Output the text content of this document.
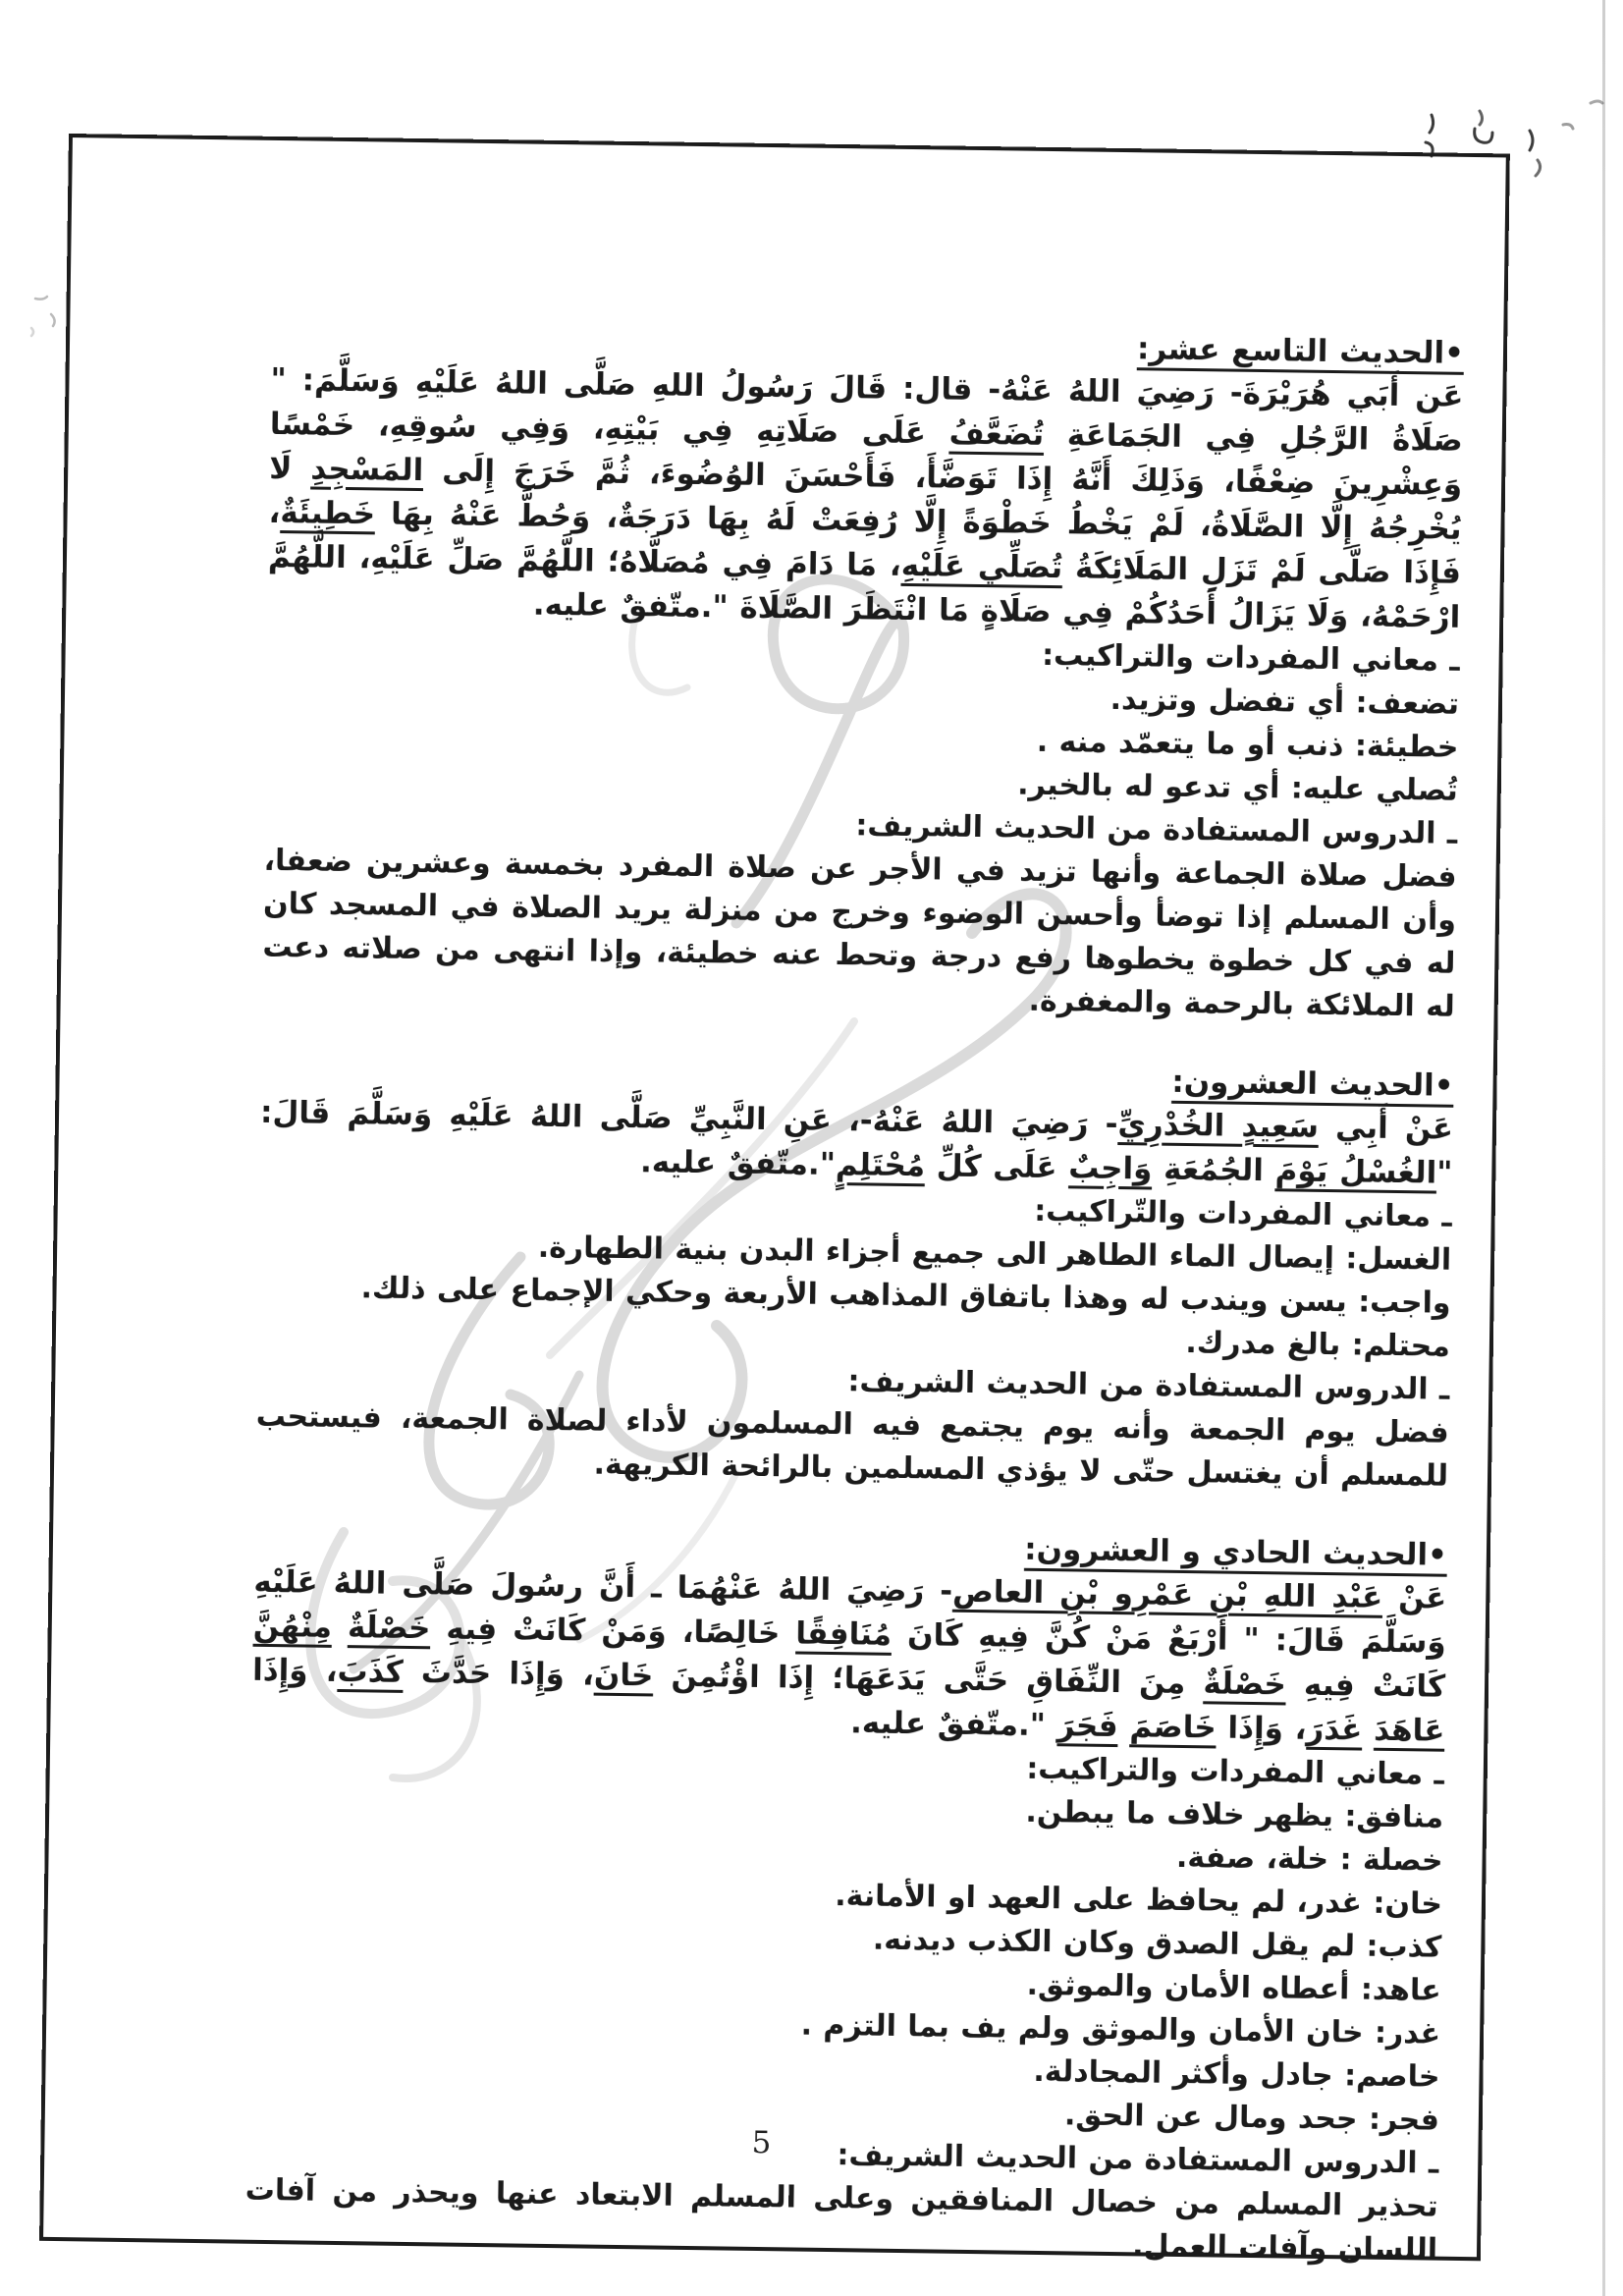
•الحديث التاسع عشر:

عَن أَبَي هُرَيْرَةَ- رَضِيَ اللهُ عَنْهُ- قال: قَالَ رَسُولُ اللهِ صَلَّى اللهُ عَلَيْهِ وَسَلَّمَ: " صَلَاةُ الرَّجُلِ فِي الجَمَاعَةِ تُضَعَّفُ عَلَى صَلَاتِهِ فِي بَيْتِهِ، وَفِي سُوقِهِ، خَمْسًا وَعِشْرِينَ ضِعْفًا، وَذَلِكَ أَنَّهُ إِذَا تَوَضَّأَ، فَأَحْسَنَ الوُضُوءَ، ثُمَّ خَرَجَ إِلَى المَسْجِدِ لَا يُخْرِجُهُ إِلَّا الصَّلَاةُ، لَمْ يَخْطُ خَطْوَةً إِلَّا رُفِعَتْ لَهُ بِهَا دَرَجَةٌ، وَحُطَّ عَنْهُ بِهَا خَطِيئَةٌ، فَإِذَا صَلَّى لَمْ تَزَلِ المَلَائِكَةُ تُصَلِّي عَلَيْهِ، مَا دَامَ فِي مُصَلَّاهُ؛ اللَّهُمَّ صَلِّ عَلَيْهِ، اللَّهُمَّ ارْحَمْهُ، وَلَا يَزَالُ أَحَدُكُمْ فِي صَلَاةٍ مَا انْتَظَرَ الصَّلَاةَ ".متّفقٌ عليه.

ـ معاني المفردات والتراكيب:

تضعف: أي تفضل وتزيد.
خطيئة: ذنب أو ما يتعمّد منه .
تُصلي عليه: أي تدعو له بالخير.

ـ الدروس المستفادة من الحديث الشريف:

فضل صلاة الجماعة وأنها تزيد في الأجر عن صلاة المفرد بخمسة وعشرين ضعفا، وأن المسلم إذا توضأ وأحسن الوضوء وخرج من منزلة يريد الصلاة في المسجد كان له في كل خطوة يخطوها رفع درجة وتحط عنه خطيئة، وإذا انتهى من صلاته دعت له الملائكة بالرحمة والمغفرة.

•الحديث العشرون:

عَنْ أَبِي سَعِيدٍ الخُدْرِيِّ- رَضِيَ اللهُ عَنْهُ-، عَنِ النَّبِيِّ صَلَّى اللهُ عَلَيْهِ وَسَلَّمَ قَالَ: "الغُسْلُ يَوْمَ الجُمُعَةِ وَاجِبٌ عَلَى كُلِّ مُحْتَلِمٍ".متّفقٌ عليه.

ـ معاني المفردات والتّراكيب:

الغسل: إيصال الماء الطاهر الى جميع أجزاء البدن بنية الطهارة.
واجب: يسن ويندب له وهذا باتفاق المذاهب الأربعة وحكي الإجماع على ذلك.
محتلم: بالغ مدرك.

ـ الدروس المستفادة من الحديث الشريف:

فضل يوم الجمعة وأنه يوم يجتمع فيه المسلمون لأداء لصلاة الجمعة، فيستحب للمسلم أن يغتسل حتّى لا يؤذي المسلمين بالرائحة الكريهة.

•الحديث الحادي و العشرون:

عَنْ عَبْدِ اللهِ بْنِ عَمْرِو بْنِ العاص- رَضِيَ اللهُ عَنْهُمَا ـ أَنَّ رسُولَ صَلَّى اللهُ عَلَيْهِ وَسَلَّمَ قَالَ: " أَرْبَعٌ مَنْ كُنَّ فِيهِ كَانَ مُنَافِقًا خَالِصًا، وَمَنْ كَانَتْ فِيهِ خَصْلَةٌ مِنْهُنَّ كَانَتْ فِيهِ خَصْلَةٌ مِنَ النِّفَاقِ حَتَّى يَدَعَهَا؛ إِذَا اؤْتُمِنَ خَانَ، وَإِذَا حَدَّثَ كَذَبَ، وَإِذَا عَاهَدَ غَدَرَ، وَإِذَا خَاصَمَ فَجَرَ ".متّفقٌ عليه.

ـ معاني المفردات والتراكيب:

منافق: يظهر خلاف ما يبطن.
خصلة : خلة، صفة.
خان: غدر، لم يحافظ على العهد او الأمانة.
كذب: لم يقل الصدق وكان الكذب ديدنه.
عاهد: أعطاه الأمان والموثق.
غدر: خان الأمان والموثق ولم يف بما التزم .
خاصم: جادل وأكثر المجادلة.
فجر: جحد ومال عن الحق.

ـ الدروس المستفادة من الحديث الشريف:

تحذير المسلم من خصال المنافقين وعلى المسلم الابتعاد عنها ويحذر من آفات اللسان وآفات العمل.

5
